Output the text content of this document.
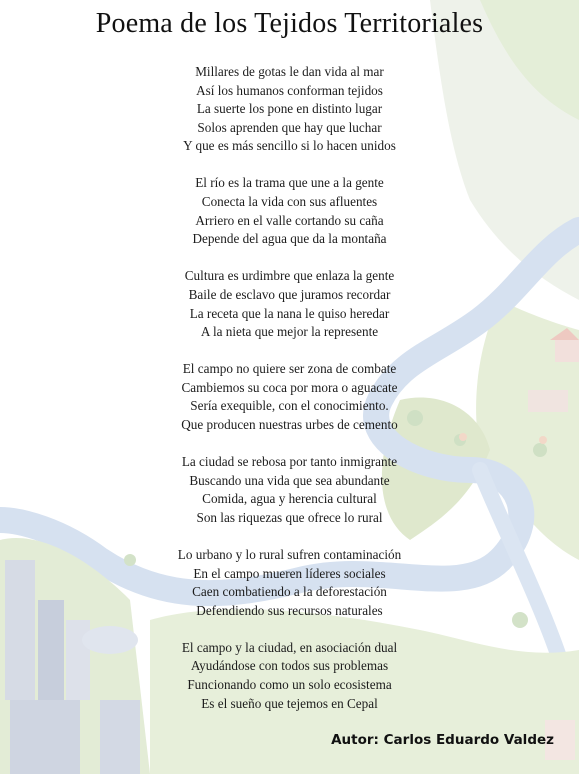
Poema de los Tejidos Territoriales
Millares de gotas le dan vida al mar
Así los humanos conforman tejidos
La suerte los pone en distinto lugar
Solos aprenden que hay que luchar
Y que es más sencillo si lo hacen unidos
El río es la trama que une a la gente
Conecta la vida con sus afluentes
Arriero en el valle cortando su caña
Depende del agua que da la montaña
Cultura es urdimbre que enlaza la gente
Baile de esclavo que juramos recordar
La receta que la nana le quiso heredar
A la nieta que mejor la represente
El campo no quiere ser zona de combate
Cambiemos su coca por mora o aguacate
Sería exequible, con el conocimiento.
Que producen nuestras urbes de cemento
La ciudad se rebosa por tanto inmigrante
Buscando una vida que sea abundante
Comida, agua y herencia cultural
Son las riquezas que ofrece lo rural
Lo urbano y lo rural sufren contaminación
En el campo mueren líderes sociales
Caen combatiendo a la deforestación
Defendiendo sus recursos naturales
El campo y la ciudad, en asociación dual
Ayudándose con todos sus problemas
Funcionando como un solo ecosistema
Es el sueño que tejemos en Cepal
Autor: Carlos Eduardo Valdez
